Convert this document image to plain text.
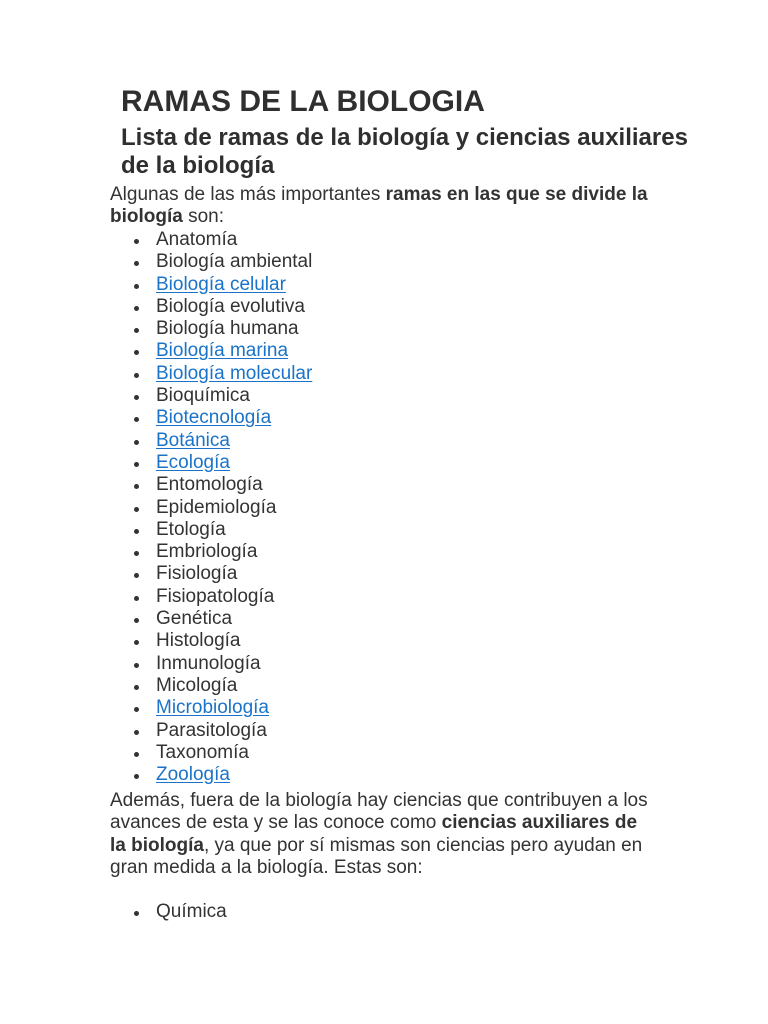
RAMAS DE LA BIOLOGIA
Lista de ramas de la biología y ciencias auxiliares de la biología

Algunas de las más importantes ramas en las que se divide la biología son:

Anatomía
Biología ambiental
Biología celular
Biología evolutiva
Biología humana
Biología marina
Biología molecular
Bioquímica
Biotecnología
Botánica
Ecología
Entomología
Epidemiología
Etología
Embriología
Fisiología
Fisiopatología
Genética
Histología
Inmunología
Micología
Microbiología
Parasitología
Taxonomía
Zoología

Además, fuera de la biología hay ciencias que contribuyen a los avances de esta y se las conoce como ciencias auxiliares de la biología, ya que por sí mismas son ciencias pero ayudan en gran medida a la biología. Estas son:

Química
